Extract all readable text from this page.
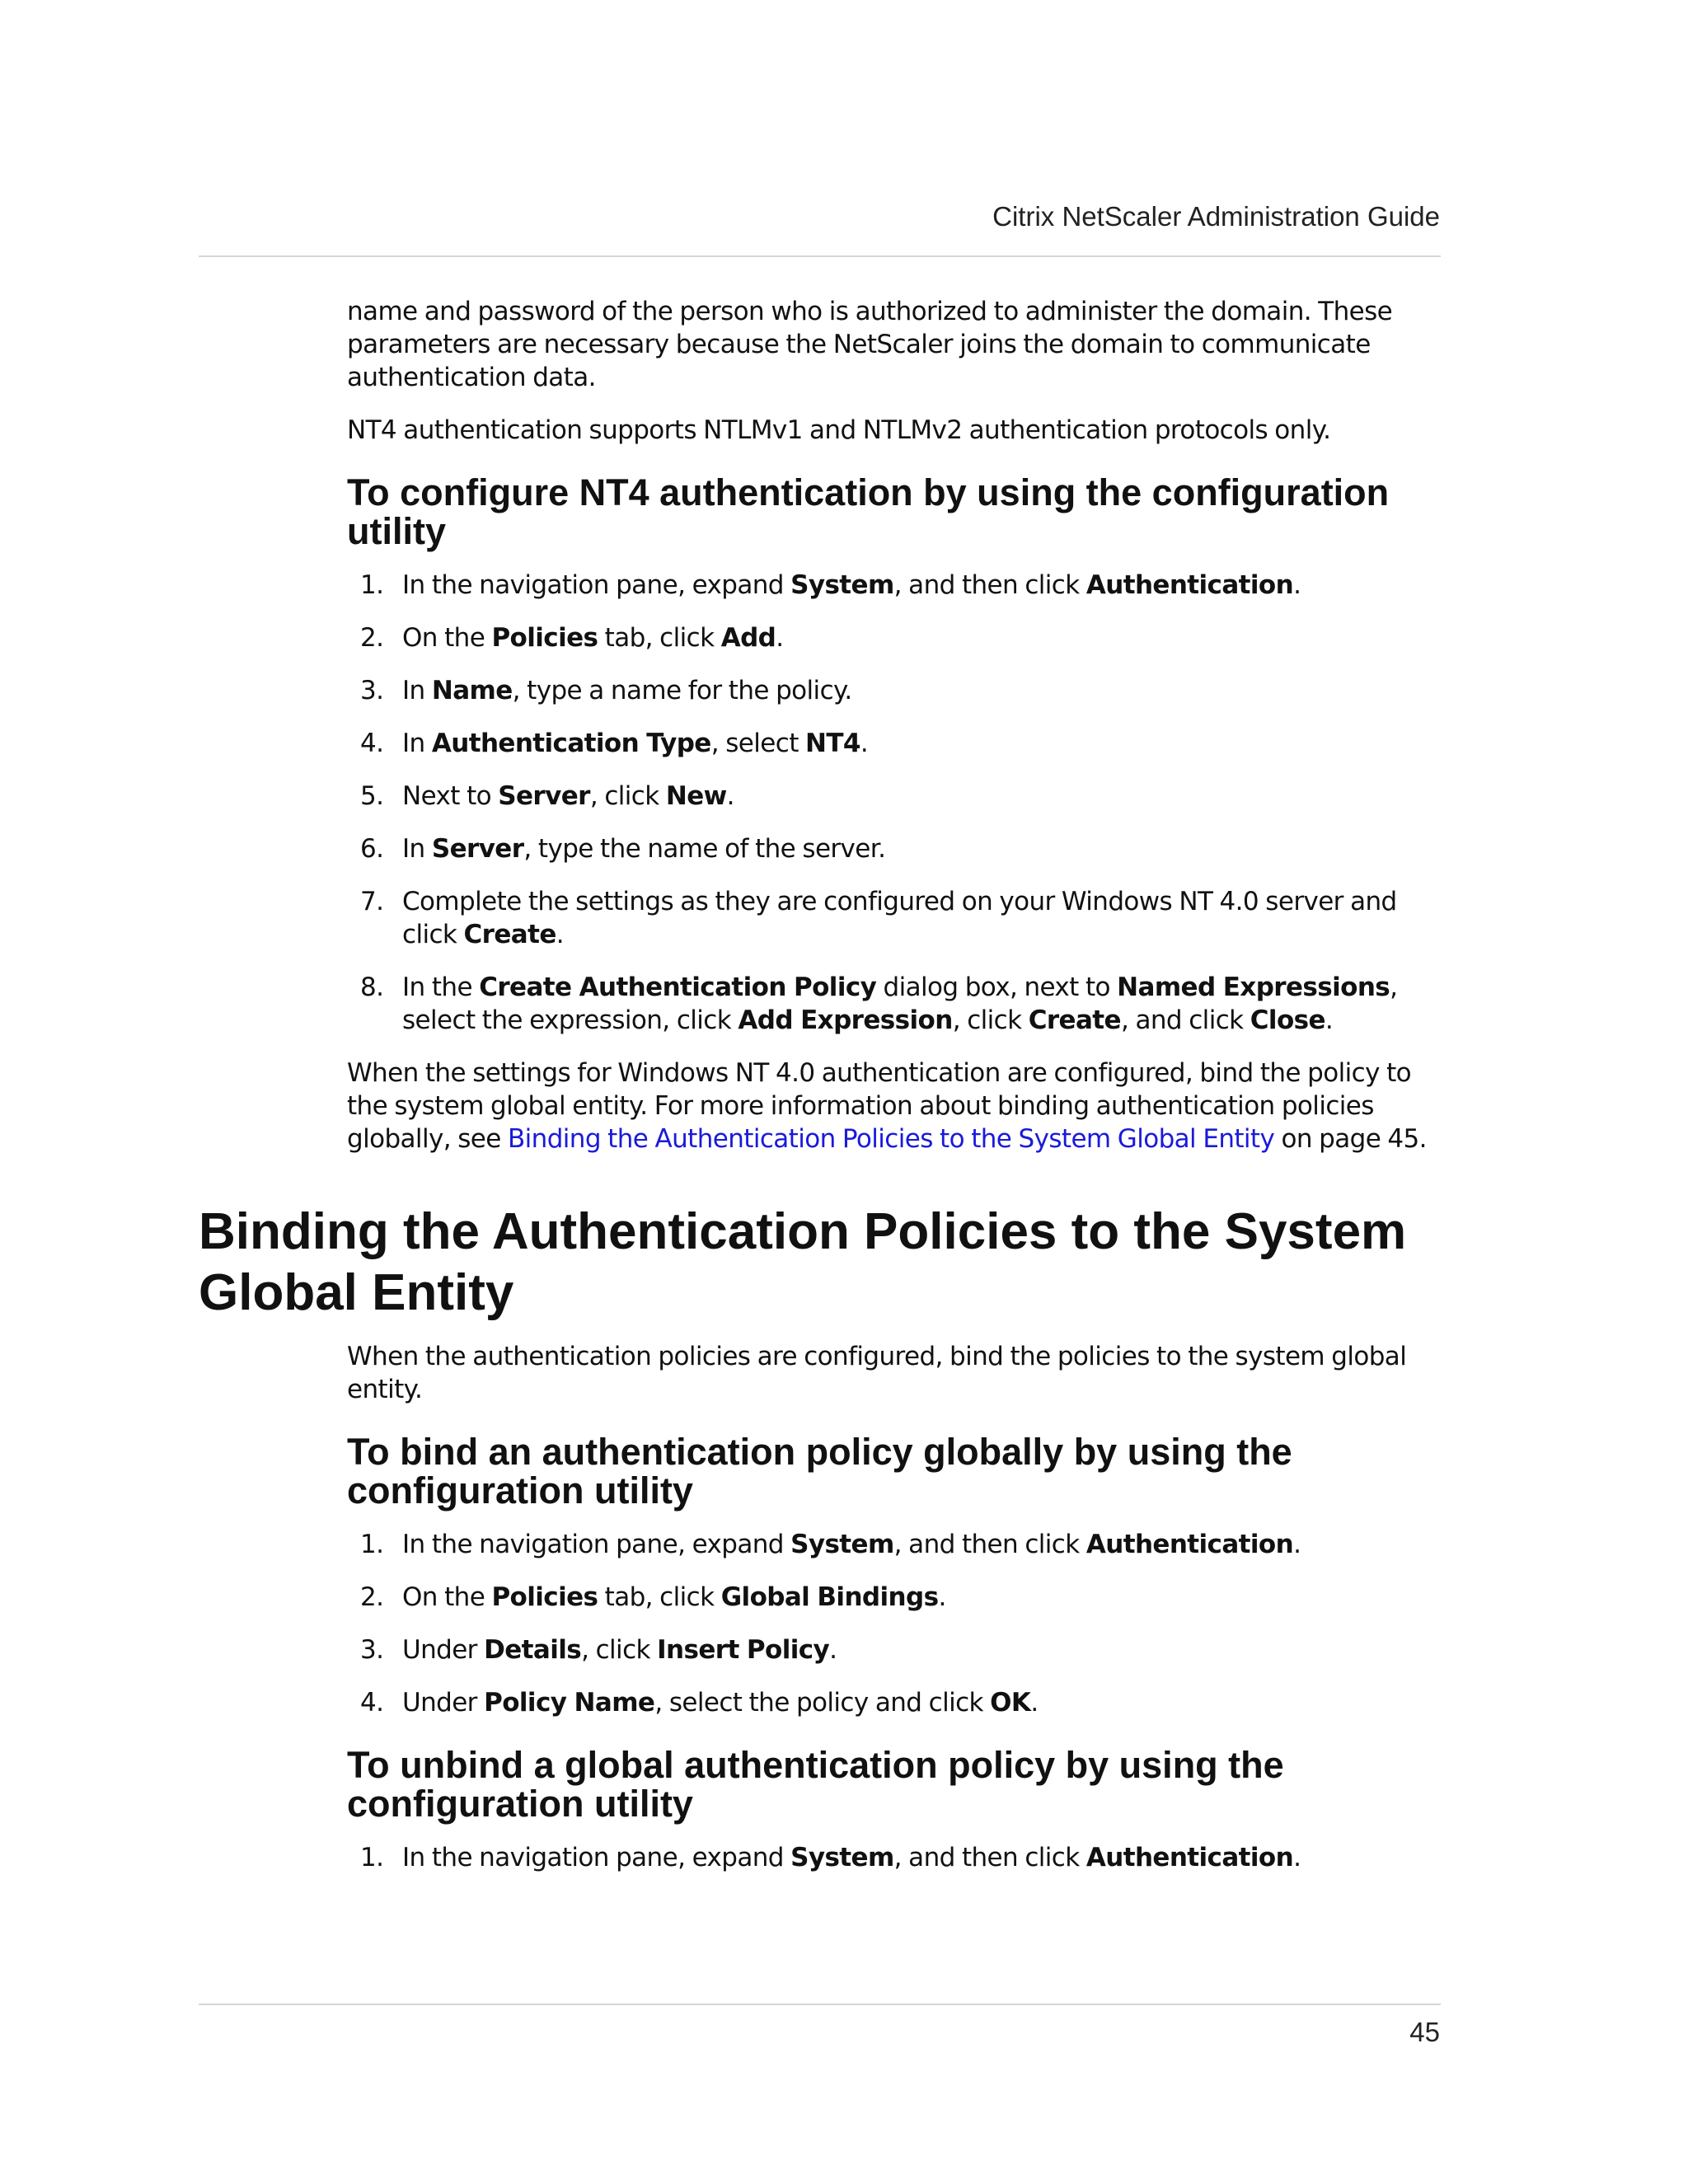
Citrix NetScaler Administration Guide

name and password of the person who is authorized to administer the domain. These parameters are necessary because the NetScaler joins the domain to communicate authentication data.

NT4 authentication supports NTLMv1 and NTLMv2 authentication protocols only.

To configure NT4 authentication by using the configuration utility
1. In the navigation pane, expand System, and then click Authentication.
2. On the Policies tab, click Add.
3. In Name, type a name for the policy.
4. In Authentication Type, select NT4.
5. Next to Server, click New.
6. In Server, type the name of the server.
7. Complete the settings as they are configured on your Windows NT 4.0 server and click Create.
8. In the Create Authentication Policy dialog box, next to Named Expressions, select the expression, click Add Expression, click Create, and click Close.

When the settings for Windows NT 4.0 authentication are configured, bind the policy to the system global entity. For more information about binding authentication policies globally, see Binding the Authentication Policies to the System Global Entity on page 45.

Binding the Authentication Policies to the System Global Entity

When the authentication policies are configured, bind the policies to the system global entity.

To bind an authentication policy globally by using the configuration utility
1. In the navigation pane, expand System, and then click Authentication.
2. On the Policies tab, click Global Bindings.
3. Under Details, click Insert Policy.
4. Under Policy Name, select the policy and click OK.
To unbind a global authentication policy by using the configuration utility
1. In the navigation pane, expand System, and then click Authentication.
45
